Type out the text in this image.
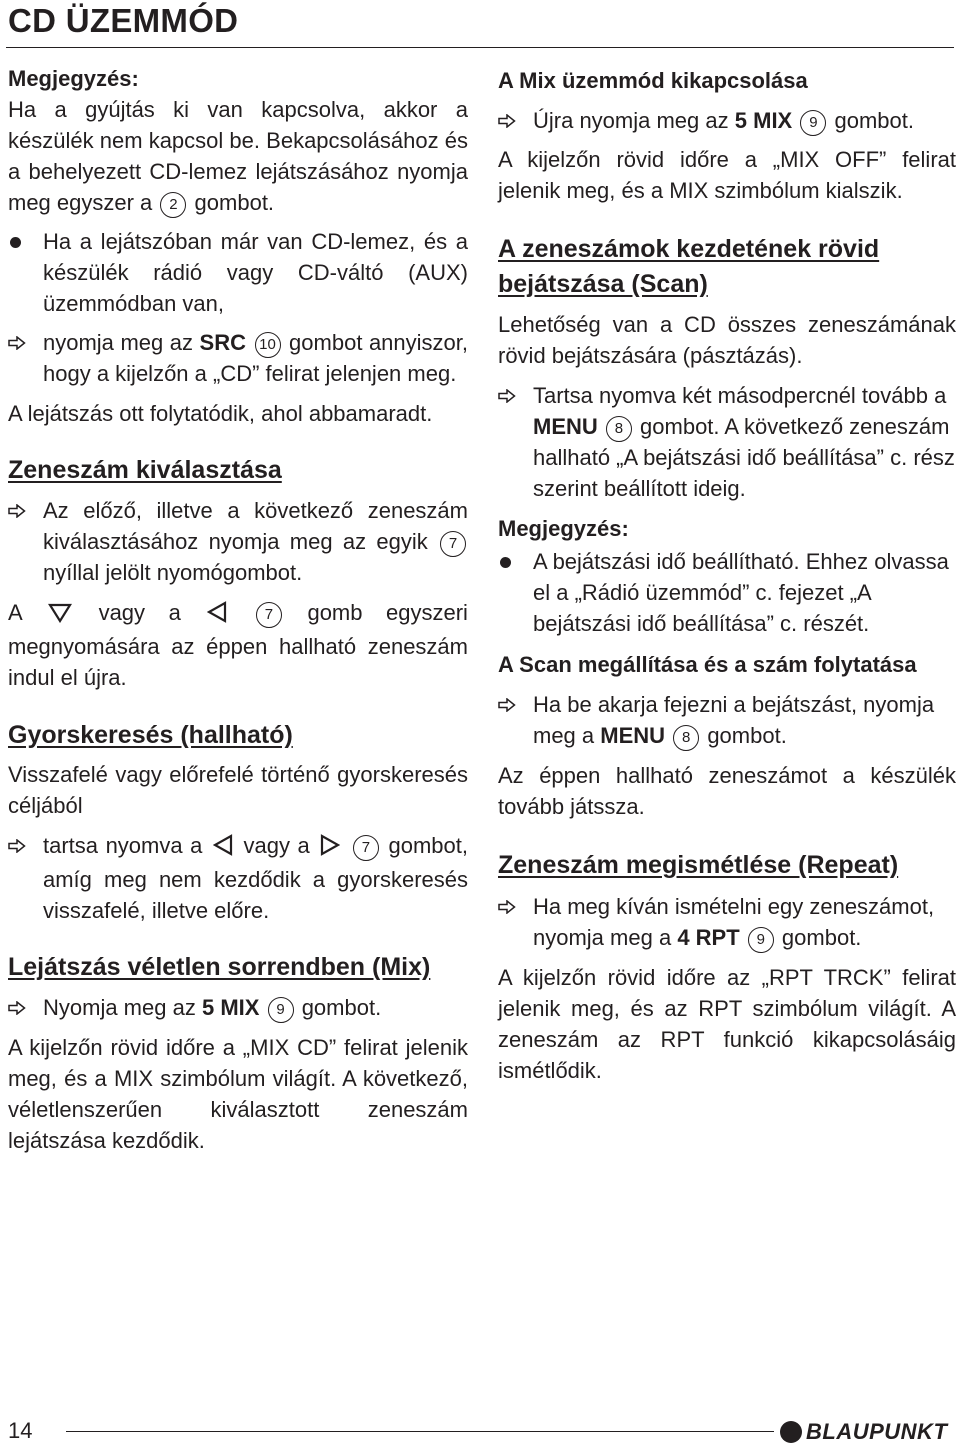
CD ÜZEMMÓD

Megjegyzés:

Ha a gyújtás ki van kapcsolva, akkor a készülék nem kapcsol be. Bekapcsolásához és a behelyezett CD-lemez lejátszásához nyomja meg egyszer a 2 gombot.

Ha a lejátszóban már van CD-lemez, és a készülék rádió vagy CD-váltó (AUX) üzemmódban van,
nyomja meg az SRC 10 gombot annyiszor, hogy a kijelzőn a „CD” felirat jelenjen meg.

A lejátszás ott folytatódik, ahol abbamaradt.

Zeneszám kiválasztása
Az előző, illetve a következő zeneszám kiválasztásához nyomja meg az egyik 7 nyíllal jelölt nyomógombot.

A	vagy a	7 gomb egyszeri megnyomására az éppen hallható zeneszám indul el újra.

Gyorskeresés (hallható)

Visszafelé vagy előrefelé történő gyorskeresés céljából

tartsa nyomva a vagy a	7 gombot, amíg meg nem kezdődik a gyorskeresés visszafelé, illetve előre.
Lejátszás véletlen sorrendben (Mix)
Nyomja meg az 5 MIX 9 gombot.

A kijelzőn rövid időre a „MIX CD” felirat jelenik meg, és a MIX szimbólum világít. A következő, véletlenszerűen kiválasztott zeneszám lejátszása kezdődik.

A Mix üzemmód kikapcsolása
Újra nyomja meg az 5 MIX 9 gombot.

A kijelzőn rövid időre a „MIX OFF” felirat jelenik meg, és a MIX szimbólum kialszik.

A zeneszámok kezdetének rövid bejátszása (Scan)

Lehetőség van a CD összes zeneszámának rövid bejátszására (pásztázás).

Tartsa nyomva két másodpercnél tovább a MENU 8 gombot. A következő zeneszám hallható „A bejátszási idő beállítása” c. rész szerint beállított ideig.
Megjegyzés:
A bejátszási idő beállítható. Ehhez olvassa el a „Rádió üzemmód” c. fejezet „A bejátszási idő beállítása” c. részét.
A Scan megállítása és a szám folytatása
Ha be akarja fejezni a bejátszást, nyomja meg a MENU 8 gombot.

Az éppen hallható zeneszámot a készülék tovább játssza.

Zeneszám megismétlése (Repeat)
Ha meg kíván ismételni egy zeneszámot, nyomja meg a 4 RPT 9 gombot.

A kijelzőn rövid időre az „RPT TRCK” felirat jelenik meg, és az RPT szimbólum világít. A zeneszám az RPT funkció kikapcsolásáig ismétlődik.

14	BLAUPUNKT
